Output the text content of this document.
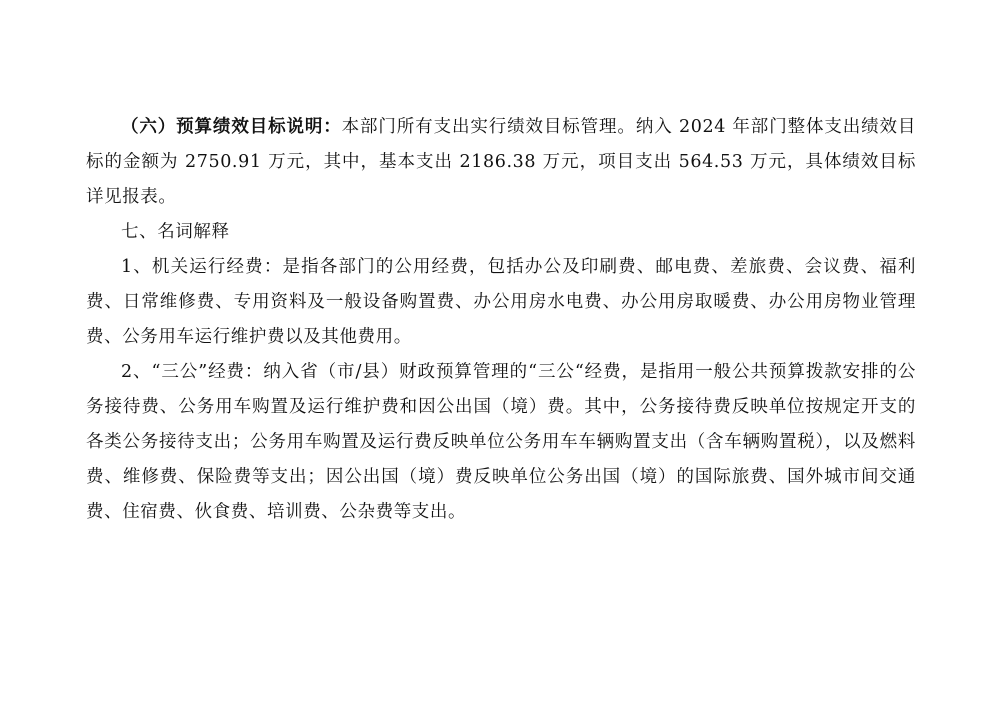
（六）预算绩效目标说明：本部门所有支出实行绩效目标管理。纳入 2024 年部门整体支出绩效目标的金额为 2750.91 万元，其中，基本支出 2186.38 万元，项目支出 564.53 万元，具体绩效目标详见报表。

七、名词解释

1、机关运行经费：是指各部门的公用经费，包括办公及印刷费、邮电费、差旅费、会议费、福利费、日常维修费、专用资料及一般设备购置费、办公用房水电费、办公用房取暖费、办公用房物业管理费、公务用车运行维护费以及其他费用。

2、“三公”经费：纳入省（市/县）财政预算管理的“三公“经费，是指用一般公共预算拨款安排的公务接待费、公务用车购置及运行维护费和因公出国（境）费。其中，公务接待费反映单位按规定开支的各类公务接待支出；公务用车购置及运行费反映单位公务用车车辆购置支出（含车辆购置税），以及燃料费、维修费、保险费等支出；因公出国（境）费反映单位公务出国（境）的国际旅费、国外城市间交通费、住宿费、伙食费、培训费、公杂费等支出。
